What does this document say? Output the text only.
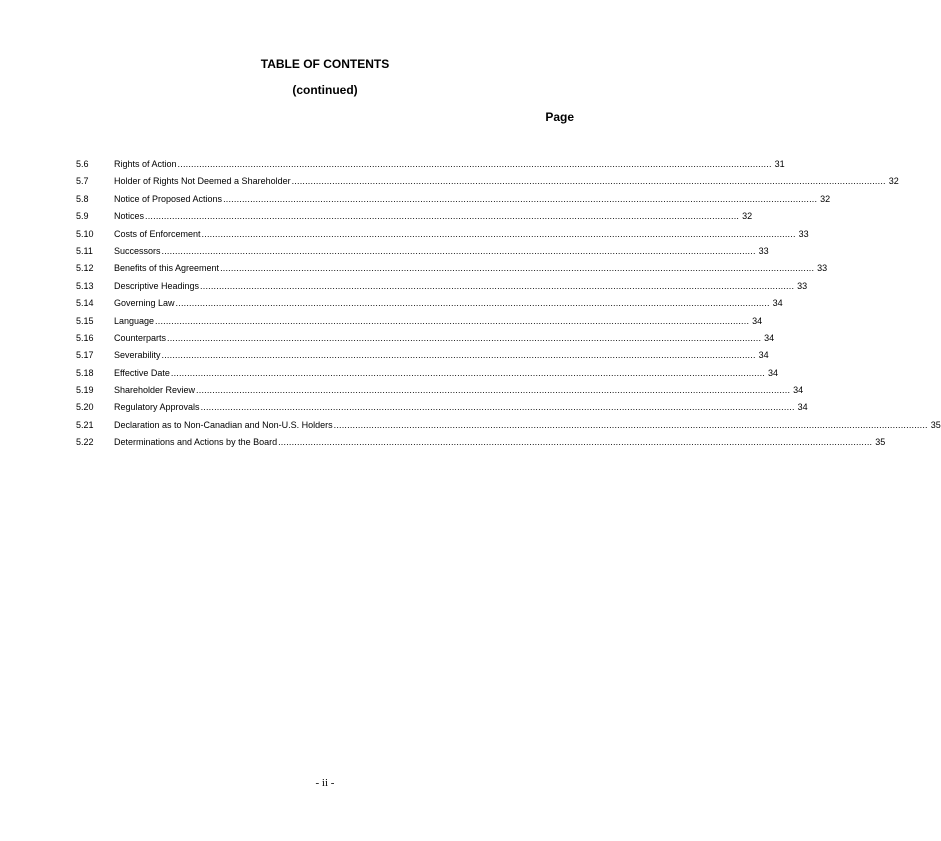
TABLE OF CONTENTS
(continued)
Page
5.6	Rights of Action ............................................................................................................................................................................................................................ 31
5.7	Holder of Rights Not Deemed a Shareholder ............................................................................................................................................................................................................................ 32
5.8	Notice of Proposed Actions ............................................................................................................................................................................................................................ 32
5.9	Notices ............................................................................................................................................................................................................................ 32
5.10	Costs of Enforcement ............................................................................................................................................................................................................................ 33
5.11	Successors ............................................................................................................................................................................................................................ 33
5.12	Benefits of this Agreement ............................................................................................................................................................................................................................ 33
5.13	Descriptive Headings ............................................................................................................................................................................................................................ 33
5.14	Governing Law ............................................................................................................................................................................................................................ 34
5.15	Language ............................................................................................................................................................................................................................ 34
5.16	Counterparts ............................................................................................................................................................................................................................ 34
5.17	Severability ............................................................................................................................................................................................................................ 34
5.18	Effective Date ............................................................................................................................................................................................................................ 34
5.19	Shareholder Review ............................................................................................................................................................................................................................ 34
5.20	Regulatory Approvals ............................................................................................................................................................................................................................ 34
5.21	Declaration as to Non-Canadian and Non-U.S. Holders ............................................................................................................................................................................................................................ 35
5.22	Determinations and Actions by the Board ............................................................................................................................................................................................................................ 35
- ii -
